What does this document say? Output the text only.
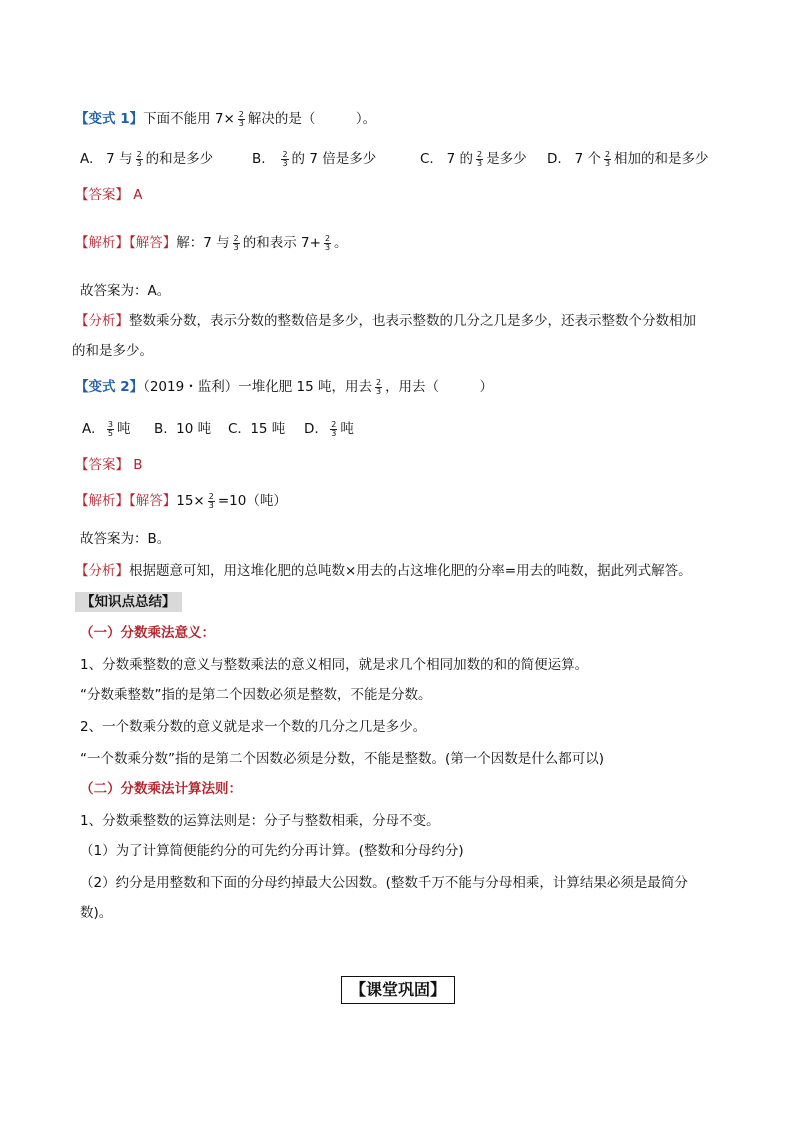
【变式 1】下面不能用 $7\times \frac{2}{3}$ 解决的是（　　　）。
A. 7 与 $\frac{2}{3}$ 的和是多少	B. $\frac{2}{3}$ 的 7 倍是多少	C. 7 的 $\frac{2}{3}$ 是多少 D. 7 个 $\frac{2}{3}$ 相加的和是多少
【答案】 A
【解析】【解答】解：7 与 $\frac{2}{3}$ 的和表示 $7+ \frac{2}{3}$ 。
故答案为：A。
【分析】整数乘分数，表示分数的整数倍是多少，也表示整数的几分之几是多少，还表示整数个分数相加
的和是多少。
【变式 2】（2019・监利）一堆化肥 15 吨，用去 $\frac{2}{3}$ ，用去（　　　）
A. $\frac{3}{5}$ 吨 B. 10 吨 C. 15 吨 D. $\frac{2}{3}$ 吨
【答案】 B
【解析】【解答】$15\times \frac{2}{3} =10$（吨）
故答案为：B。
【分析】根据题意可知，用这堆化肥的总吨数×用去的占这堆化肥的分率=用去的吨数，据此列式解答。
【知识点总结】
（一）分数乘法意义：
1、分数乘整数的意义与整数乘法的意义相同，就是求几个相同加数的和的简便运算。
“分数乘整数”指的是第二个因数必须是整数，不能是分数。
2、一个数乘分数的意义就是求一个数的几分之几是多少。
“一个数乘分数”指的是第二个因数必须是分数，不能是整数。(第一个因数是什么都可以)
（二）分数乘法计算法则：
1、分数乘整数的运算法则是：分子与整数相乘，分母不变。
（1）为了计算简便能约分的可先约分再计算。(整数和分母约分)
（2）约分是用整数和下面的分母约掉最大公因数。(整数千万不能与分母相乘，计算结果必须是最简分
数)。
【课堂巩固】
